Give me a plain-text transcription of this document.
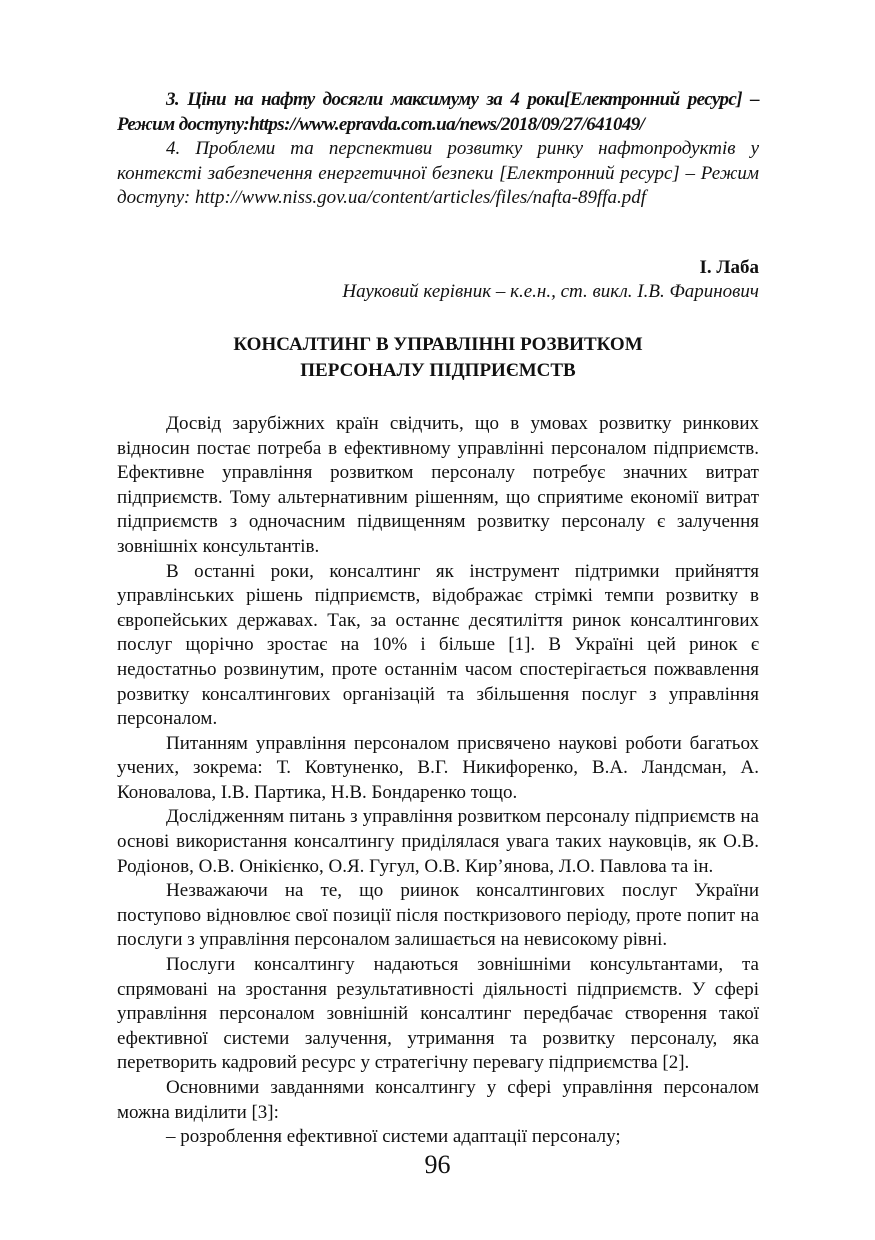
3. Ціни на нафту досягли максимуму за 4 роки[Електронний ресурс] – Режим доступу:https://www.epravda.com.ua/news/2018/09/27/641049/

4. Проблеми та перспективи розвитку ринку нафтопродуктів у контексті забезпечення енергетичної безпеки [Електронний ресурс] – Режим доступу: http://www.niss.gov.ua/content/articles/files/nafta-89ffa.pdf

І. Лаба

Науковий керівник – к.е.н., ст. викл. І.В. Фаринович

КОНСАЛТИНГ В УПРАВЛІННІ РОЗВИТКОМ
ПЕРСОНАЛУ ПІДПРИЄМСТВ

Досвід зарубіжних країн свідчить, що в умовах розвитку ринкових відносин постає потреба в ефективному управлінні персоналом підприємств. Ефективне управління розвитком персоналу потребує значних витрат підприємств. Тому альтернативним рішенням, що сприятиме економії витрат підприємств з одночасним підвищенням розвитку персоналу є залучення зовнішніх консультантів.

В останні роки, консалтинг як інструмент підтримки прийняття управлінських рішень підприємств, відображає стрімкі темпи розвитку в європейських державах. Так, за останнє десятиліття ринок консалтингових послуг щорічно зростає на 10% і більше [1]. В Україні цей ринок є недостатньо розвинутим, проте останнім часом спостерігається пожвавлення розвитку консалтингових організацій та збільшення послуг з управління персоналом.

Питанням управління персоналом присвячено наукові роботи багатьох учених, зокрема: Т. Ковтуненко, В.Г. Никифоренко, В.А. Ландсман, А. Коновалова, І.В. Партика, Н.В. Бондаренко тощо.

Дослідженням питань з управління розвитком персоналу підприємств на основі використання консалтингу приділялася увага таких науковців, як О.В. Родіонов, О.В. Онікієнко, О.Я. Гугул, О.В. Кир’янова, Л.О. Павлова та ін.

Незважаючи на те, що риинок консалтингових послуг України поступово відновлює свої позиції після посткризового періоду, проте попит на послуги з управління персоналом залишається на невисокому рівні.

Послуги консалтингу надаються зовнішніми консультантами, та спрямовані на зростання результативності діяльності підприємств. У сфері управління персоналом зовнішній консалтинг передбачає створення такої ефективної системи залучення, утримання та розвитку персоналу, яка перетворить кадровий ресурс у стратегічну перевагу підприємства [2].

Основними завданнями консалтингу у сфері управління персоналом можна виділити [3]:

– розроблення ефективної системи адаптації персоналу;

96
